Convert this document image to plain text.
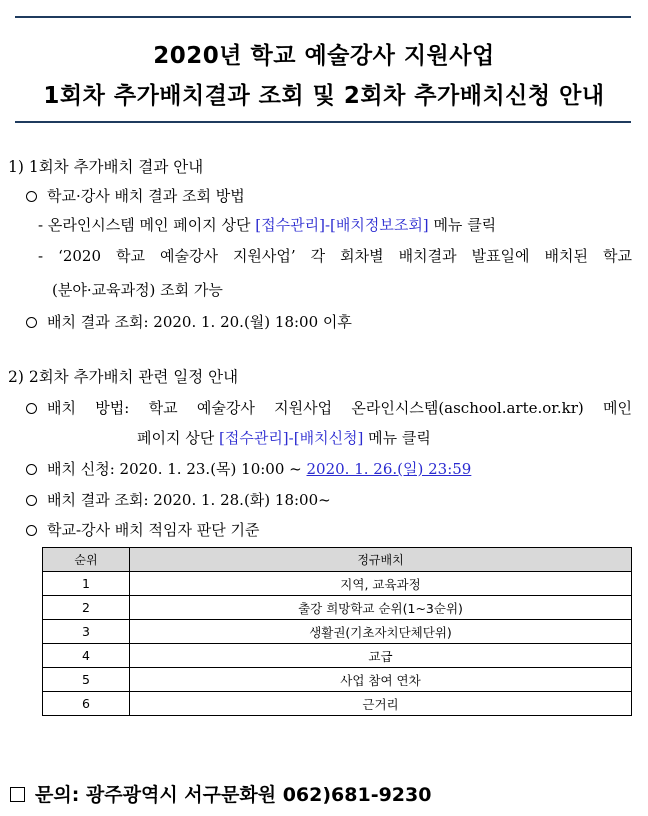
2020년 학교 예술강사 지원사업
1회차 추가배치결과 조회 및 2회차 추가배치신청 안내
1) 1회차 추가배치 결과 안내
학교·강사 배치 결과 조회 방법
- 온라인시스템 메인 페이지 상단 [접수관리]-[배치정보조회] 메뉴 클릭
- ‘2020 학교 예술강사 지원사업’ 각 회차별 배치결과 발표일에 배치된 학교
(분야·교육과정) 조회 가능
배치 결과 조회: 2020. 1. 20.(월) 18:00 이후
2) 2회차 추가배치 관련 일정 안내
배치 방법: 학교 예술강사 지원사업 온라인시스템(aschool.arte.or.kr) 메인
페이지 상단 [접수관리]-[배치신청] 메뉴 클릭
배치 신청: 2020. 1. 23.(목) 10:00 ~ 2020. 1. 26.(일) 23:59
배치 결과 조회: 2020. 1. 28.(화) 18:00~
학교-강사 배치 적임자 판단 기준
순위	정규배치
1	지역, 교육과정
2	출강 희망학교 순위(1~3순위)
3	생활권(기초자치단체단위)
4	교급
5	사업 참여 연차
6	근거리
문의: 광주광역시 서구문화원 062)681-9230
